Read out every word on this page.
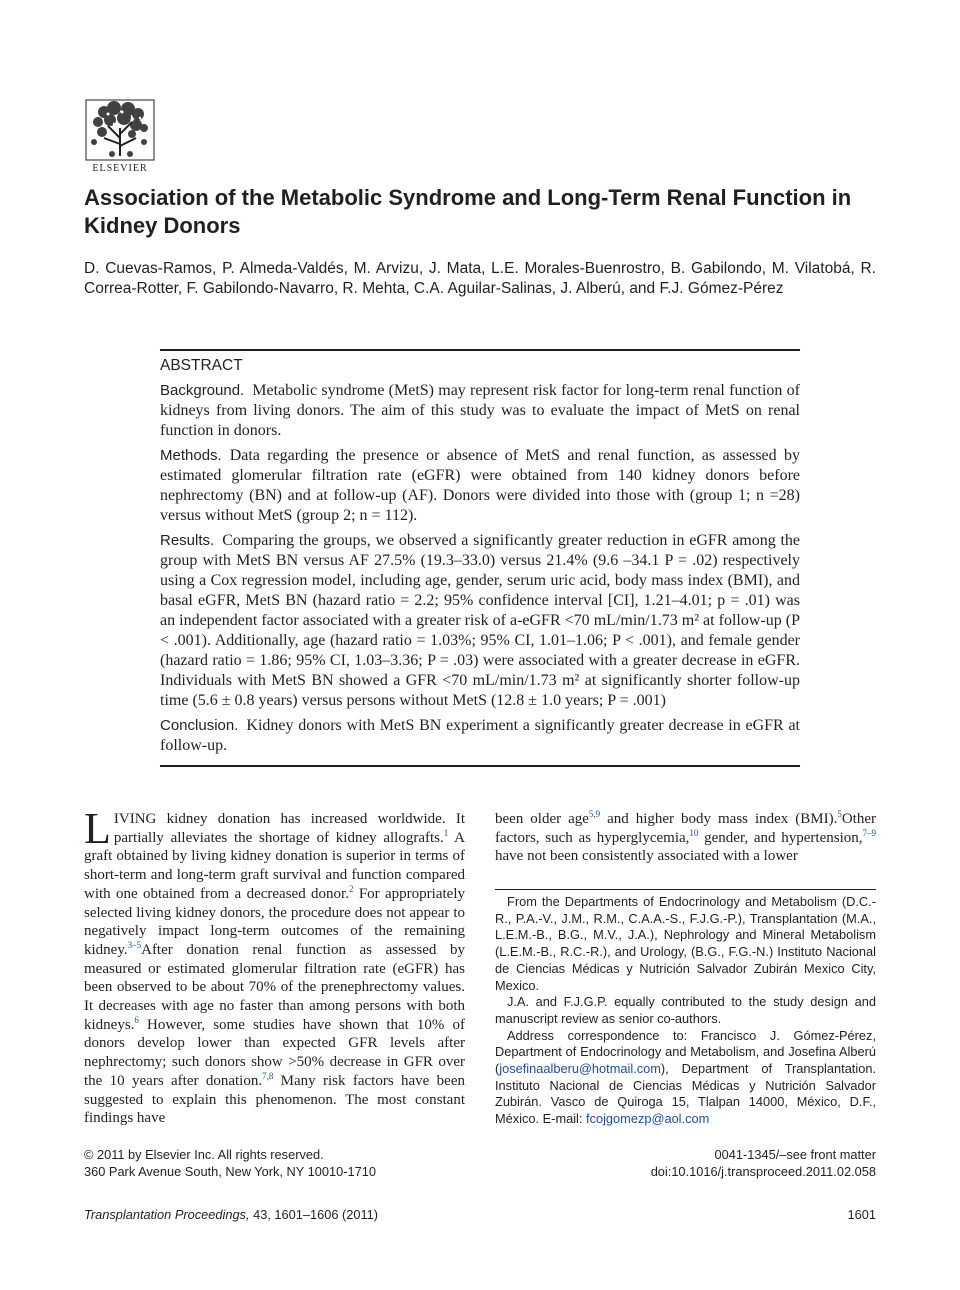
ELSEVIER
Association of the Metabolic Syndrome and Long-Term Renal Function in Kidney Donors

D. Cuevas-Ramos, P. Almeda-Valdés, M. Arvizu, J. Mata, L.E. Morales-Buenrostro, B. Gabilondo, M. Vilatobá, R. Correa-Rotter, F. Gabilondo-Navarro, R. Mehta, C.A. Aguilar-Salinas, J. Alberú, and F.J. Gómez-Pérez

ABSTRACT

Background. Metabolic syndrome (MetS) may represent risk factor for long-term renal function of kidneys from living donors. The aim of this study was to evaluate the impact of MetS on renal function in donors.

Methods. Data regarding the presence or absence of MetS and renal function, as assessed by estimated glomerular filtration rate (eGFR) were obtained from 140 kidney donors before nephrectomy (BN) and at follow-up (AF). Donors were divided into those with (group 1; n =28) versus without MetS (group 2; n = 112).

Results. Comparing the groups, we observed a significantly greater reduction in eGFR among the group with MetS BN versus AF 27.5% (19.3–33.0) versus 21.4% (9.6 –34.1 P = .02) respectively using a Cox regression model, including age, gender, serum uric acid, body mass index (BMI), and basal eGFR, MetS BN (hazard ratio = 2.2; 95% confidence interval [CI], 1.21–4.01; p = .01) was an independent factor associated with a greater risk of a-eGFR <70 mL/min/1.73 m² at follow-up (P < .001). Additionally, age (hazard ratio = 1.03%; 95% CI, 1.01–1.06; P < .001), and female gender (hazard ratio = 1.86; 95% CI, 1.03–3.36; P = .03) were associated with a greater decrease in eGFR. Individuals with MetS BN showed a GFR <70 mL/min/1.73 m² at significantly shorter follow-up time (5.6 ± 0.8 years) versus persons without MetS (12.8 ± 1.0 years; P = .001)

Conclusion. Kidney donors with MetS BN experiment a significantly greater decrease in eGFR at follow-up.

LIVING kidney donation has increased worldwide. It partially alleviates the shortage of kidney allografts.$^1$ A graft obtained by living kidney donation is superior in terms of short-term and long-term graft survival and function compared with one obtained from a decreased donor.$^2$ For appropriately selected living kidney donors, the procedure does not appear to negatively impact long-term outcomes of the remaining kidney.$^{3-5}$After donation renal function as assessed by measured or estimated glomerular filtration rate (eGFR) has been observed to be about 70% of the prenephrectomy values. It decreases with age no faster than among persons with both kidneys.$^6$ However, some studies have shown that 10% of donors develop lower than expected GFR levels after nephrectomy; such donors show >50% decrease in GFR over the 10 years after donation.$^{7,8}$ Many risk factors have been suggested to explain this phenomenon. The most constant findings have

been older age$^{5,9}$ and higher body mass index (BMI).$^5$Other factors, such as hyperglycemia,$^{10}$ gender, and hypertension,$^{7-9}$ have not been consistently associated with a lower

From the Departments of Endocrinology and Metabolism (D.C.-R., P.A.-V., J.M., R.M., C.A.A.-S., F.J.G.-P.), Transplantation (M.A., L.E.M.-B., B.G., M.V., J.A.), Nephrology and Mineral Metabolism (L.E.M.-B., R.C.-R.), and Urology, (B.G., F.G.-N.) Instituto Nacional de Ciencias Médicas y Nutrición Salvador Zubirán Mexico City, Mexico.

J.A. and F.J.G.P. equally contributed to the study design and manuscript review as senior co-authors.

Address correspondence to: Francisco J. Gómez-Pérez, Department of Endocrinology and Metabolism, and Josefina Alberú (josefinaalberu@hotmail.com), Department of Transplantation. Instituto Nacional de Ciencias Médicas y Nutrición Salvador Zubirán. Vasco de Quiroga 15, Tlalpan 14000, México, D.F., México. E-mail: fcojgomezp@aol.com

© 2011 by Elsevier Inc. All rights reserved.
360 Park Avenue South, New York, NY 10010-1710
0041-1345/–see front matter
doi:10.1016/j.transproceed.2011.02.058
Transplantation Proceedings, 43, 1601–1606 (2011)	1601
